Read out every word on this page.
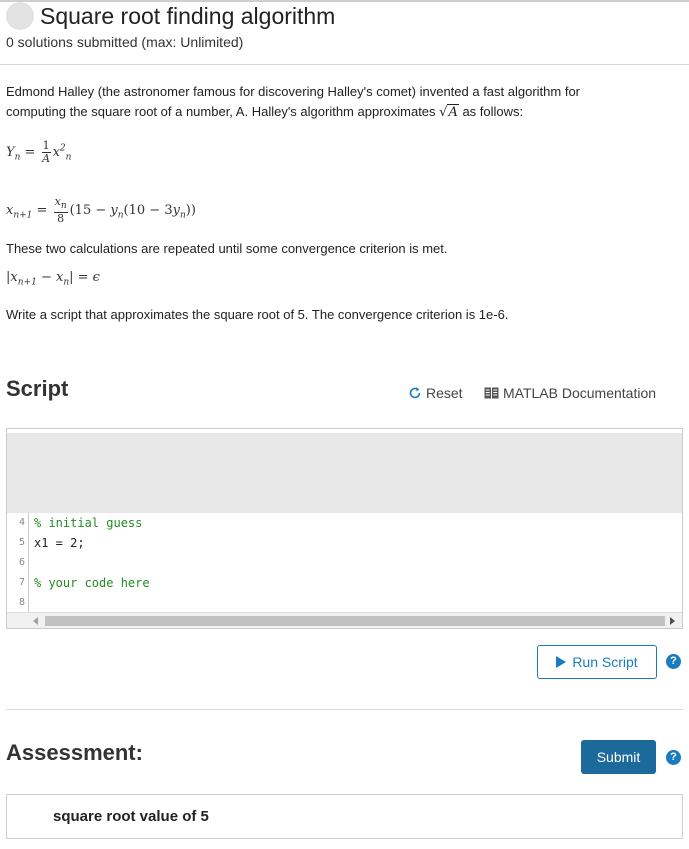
Square root finding algorithm
0 solutions submitted (max: Unlimited)
Edmond Halley (the astronomer famous for discovering Halley's comet) invented a fast algorithm for
computing the square root of a number, A. Halley's algorithm approximates √A as follows:
$Y_n = \frac{1}{A} x^2_n$
$x_{n+1} = \frac{x_n}{8} (15 - y_n(10 - 3y_n))$
These two calculations are repeated until some convergence criterion is met.
$|x_{n+1} - x_n| = \epsilon$
Write a script that approximates the square root of 5. The convergence criterion is 1e-6.
Script	Reset	MATLAB Documentation

% initial guess

4

x1 = 2;

5

6

% your code here

7

8

Run Script	?
Assessment:	Submit	?
square root value of 5
